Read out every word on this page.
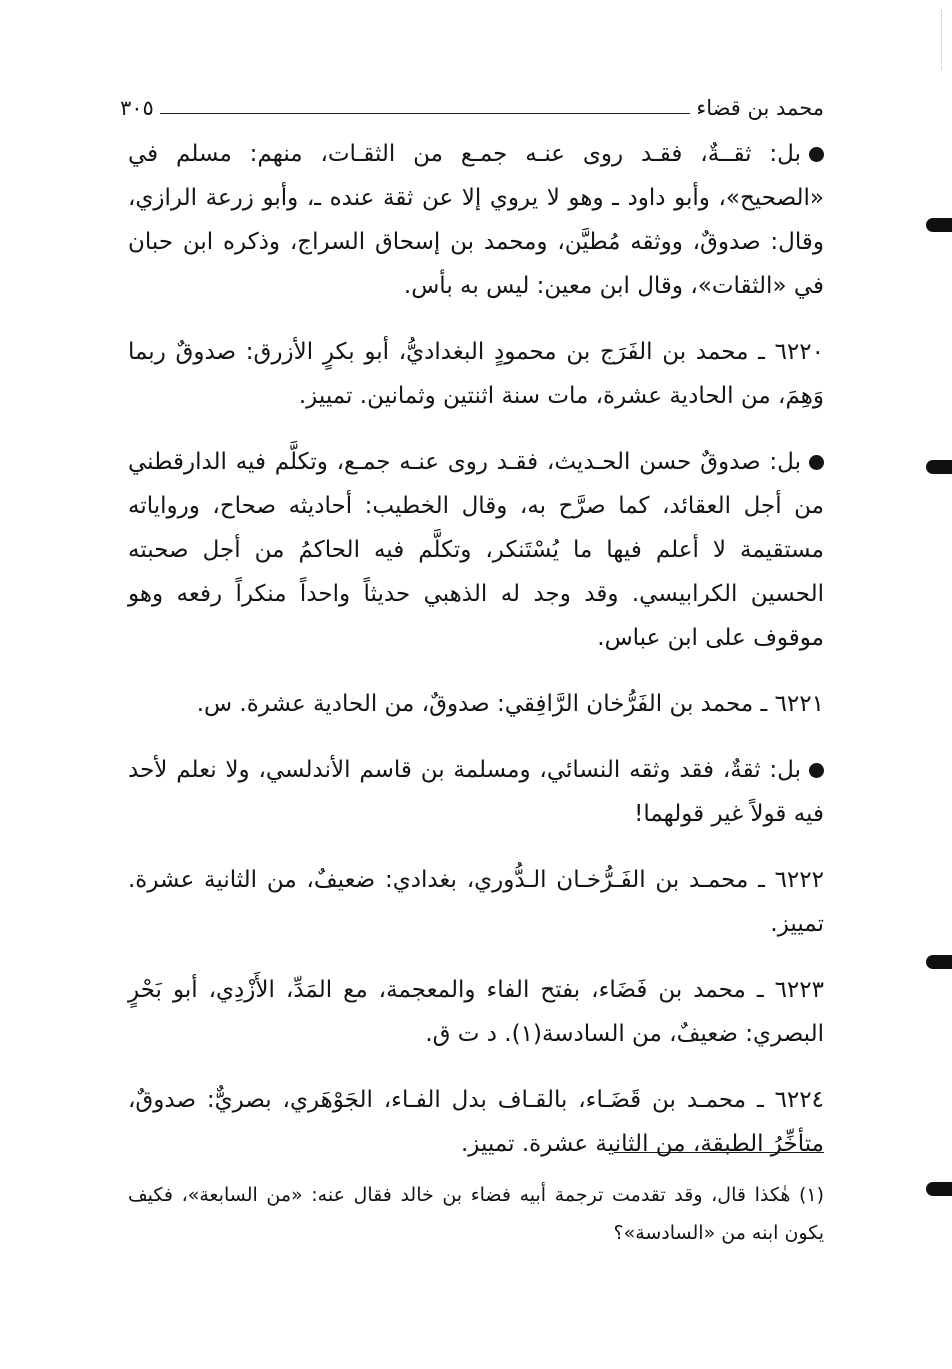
محمد بن قضاء
٣٠٥

بل: ثقــةٌ، فقـد روى عنـه جمـع من الثقـات، منهم: مسلم في «الصحيح»، وأبو داود ـ وهو لا يروي إلا عن ثقة عنده ـ، وأبو زرعة الرازي، وقال: صدوقٌ، ووثقه مُطيَّن، ومحمد بن إسحاق السراج، وذكره ابن حبان في «الثقات»، وقال ابن معين: ليس به بأس.

٦٢٢٠ ـ محمد بن الفَرَج بن محمودٍ البغداديُّ، أبو بكرٍ الأزرق: صدوقٌ ربما وَهِمَ، من الحادية عشرة، مات سنة اثنتين وثمانين. تمييز.

بل: صدوقٌ حسن الحـديث، فقـد روى عنـه جمـع، وتكلَّم فيه الدارقطني من أجل العقائد، كما صرَّح به، وقال الخطيب: أحاديثه صحاح، ورواياته مستقيمة لا أعلم فيها ما يُسْتَنكر، وتكلَّم فيه الحاكمُ من أجل صحبته الحسين الكرابيسي. وقد وجد له الذهبي حديثاً واحداً منكراً رفعه وهو موقوف على ابن عباس.

٦٢٢١ ـ محمد بن الفَرُّخان الرَّافِقي: صدوقٌ، من الحادية عشرة. س.

بل: ثقةٌ، فقد وثقه النسائي، ومسلمة بن قاسم الأندلسي، ولا نعلم لأحد فيه قولاً غير قولهما!

٦٢٢٢ ـ محمـد بن الفَـرُّخـان الـدُّوري، بغدادي: ضعيفٌ، من الثانية عشرة. تمييز.

٦٢٢٣ ـ محمد بن فَضَاء، بفتح الفاء والمعجمة، مع المَدِّ، الأَزْدِي، أبو بَحْرٍ البصري: ضعيفٌ، من السادسة(١). د ت ق.

٦٢٢٤ ـ محمـد بن قَضَـاء، بالقـاف بدل الفـاء، الجَوْهَري، بصريٌّ: صدوقٌ، متأخِّرُ الطبقة، من الثانية عشرة. تمييز.

(١) هٰكذا قال، وقد تقدمت ترجمة أبيه فضاء بن خالد فقال عنه: «من السابعة»، فكيف يكون ابنه من «السادسة»؟
